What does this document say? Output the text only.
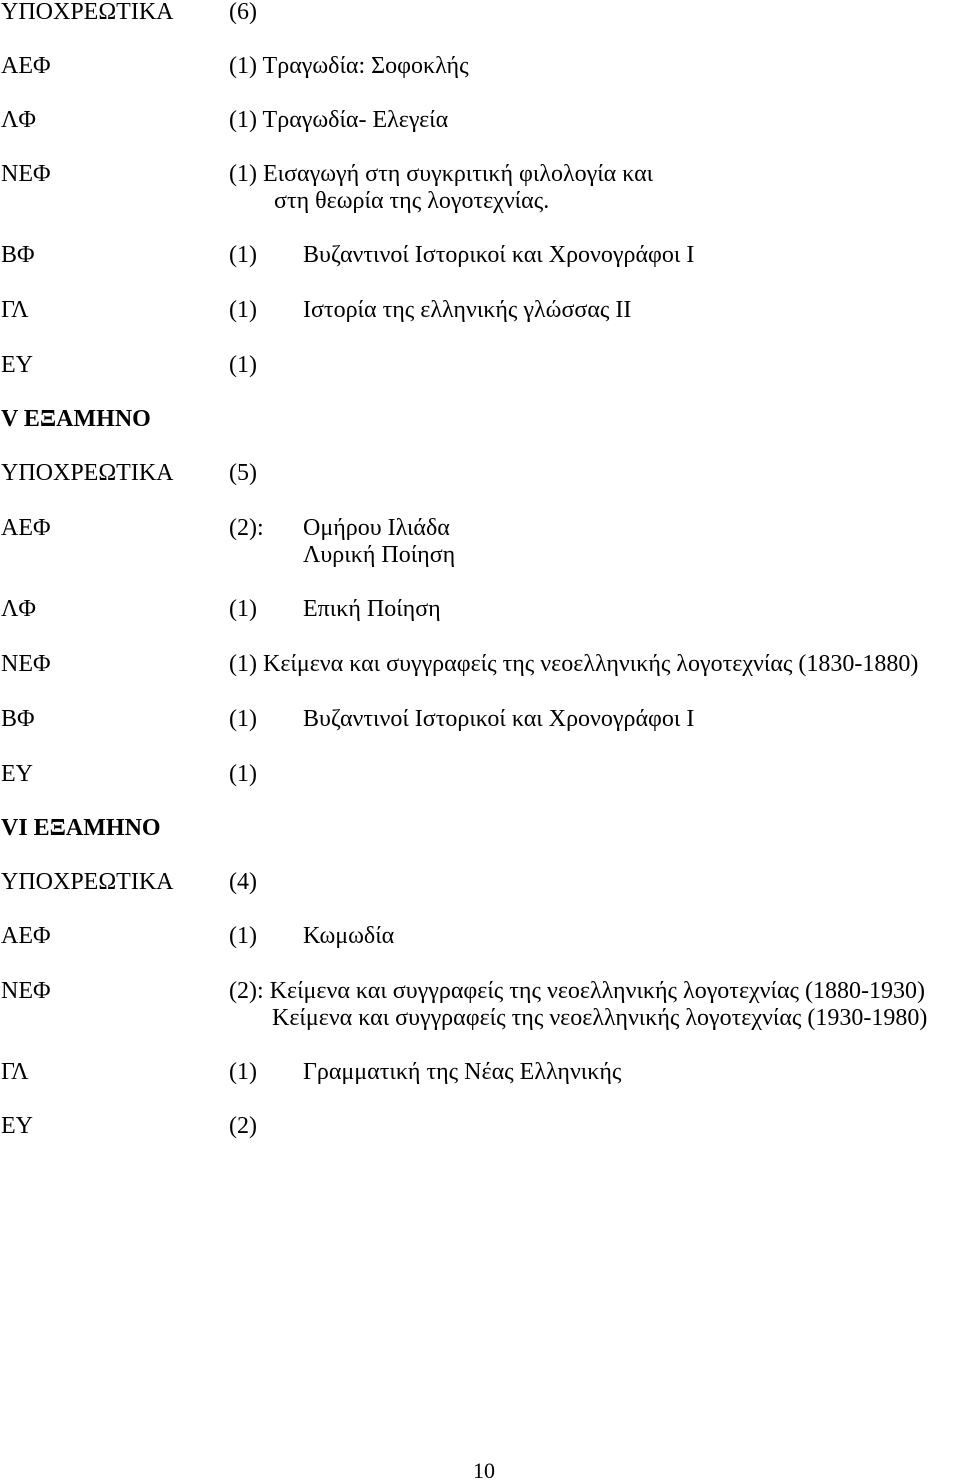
ΥΠΟΧΡΕΩΤΙΚΑ (6)
ΑΕΦ	(1) Τραγωδία: Σοφοκλής
ΛΦ	(1) Τραγωδία- Ελεγεία
ΝΕΦ	(1) Εισαγωγή στη συγκριτική φιλολογία και
στη θεωρία της λογοτεχνίας.
ΒΦ	(1) Βυζαντινοί Ιστορικοί και Χρονογράφοι Ι
ΓΛ	(1) Ιστορία της ελληνικής γλώσσας ΙΙ
ΕΥ	(1)
V ΕΞΑΜΗΝΟ
ΥΠΟΧΡΕΩΤΙΚΑ (5)
ΑΕΦ	(2): Ομήρου Ιλιάδα
Λυρική Ποίηση
ΛΦ	(1) Επική Ποίηση
ΝΕΦ	(1) Κείμενα και συγγραφείς της νεοελληνικής λογοτεχνίας (1830-1880)
ΒΦ	(1) Βυζαντινοί Ιστορικοί και Χρονογράφοι Ι
ΕΥ	(1)
VI ΕΞΑΜΗΝΟ
ΥΠΟΧΡΕΩΤΙΚΑ (4)
ΑΕΦ	(1) Κωμωδία
ΝΕΦ	(2): Κείμενα και συγγραφείς της νεοελληνικής λογοτεχνίας (1880-1930)
Κείμενα και συγγραφείς της νεοελληνικής λογοτεχνίας (1930-1980)
ΓΛ	(1) Γραμματική της Νέας Ελληνικής
ΕΥ	(2)
10
